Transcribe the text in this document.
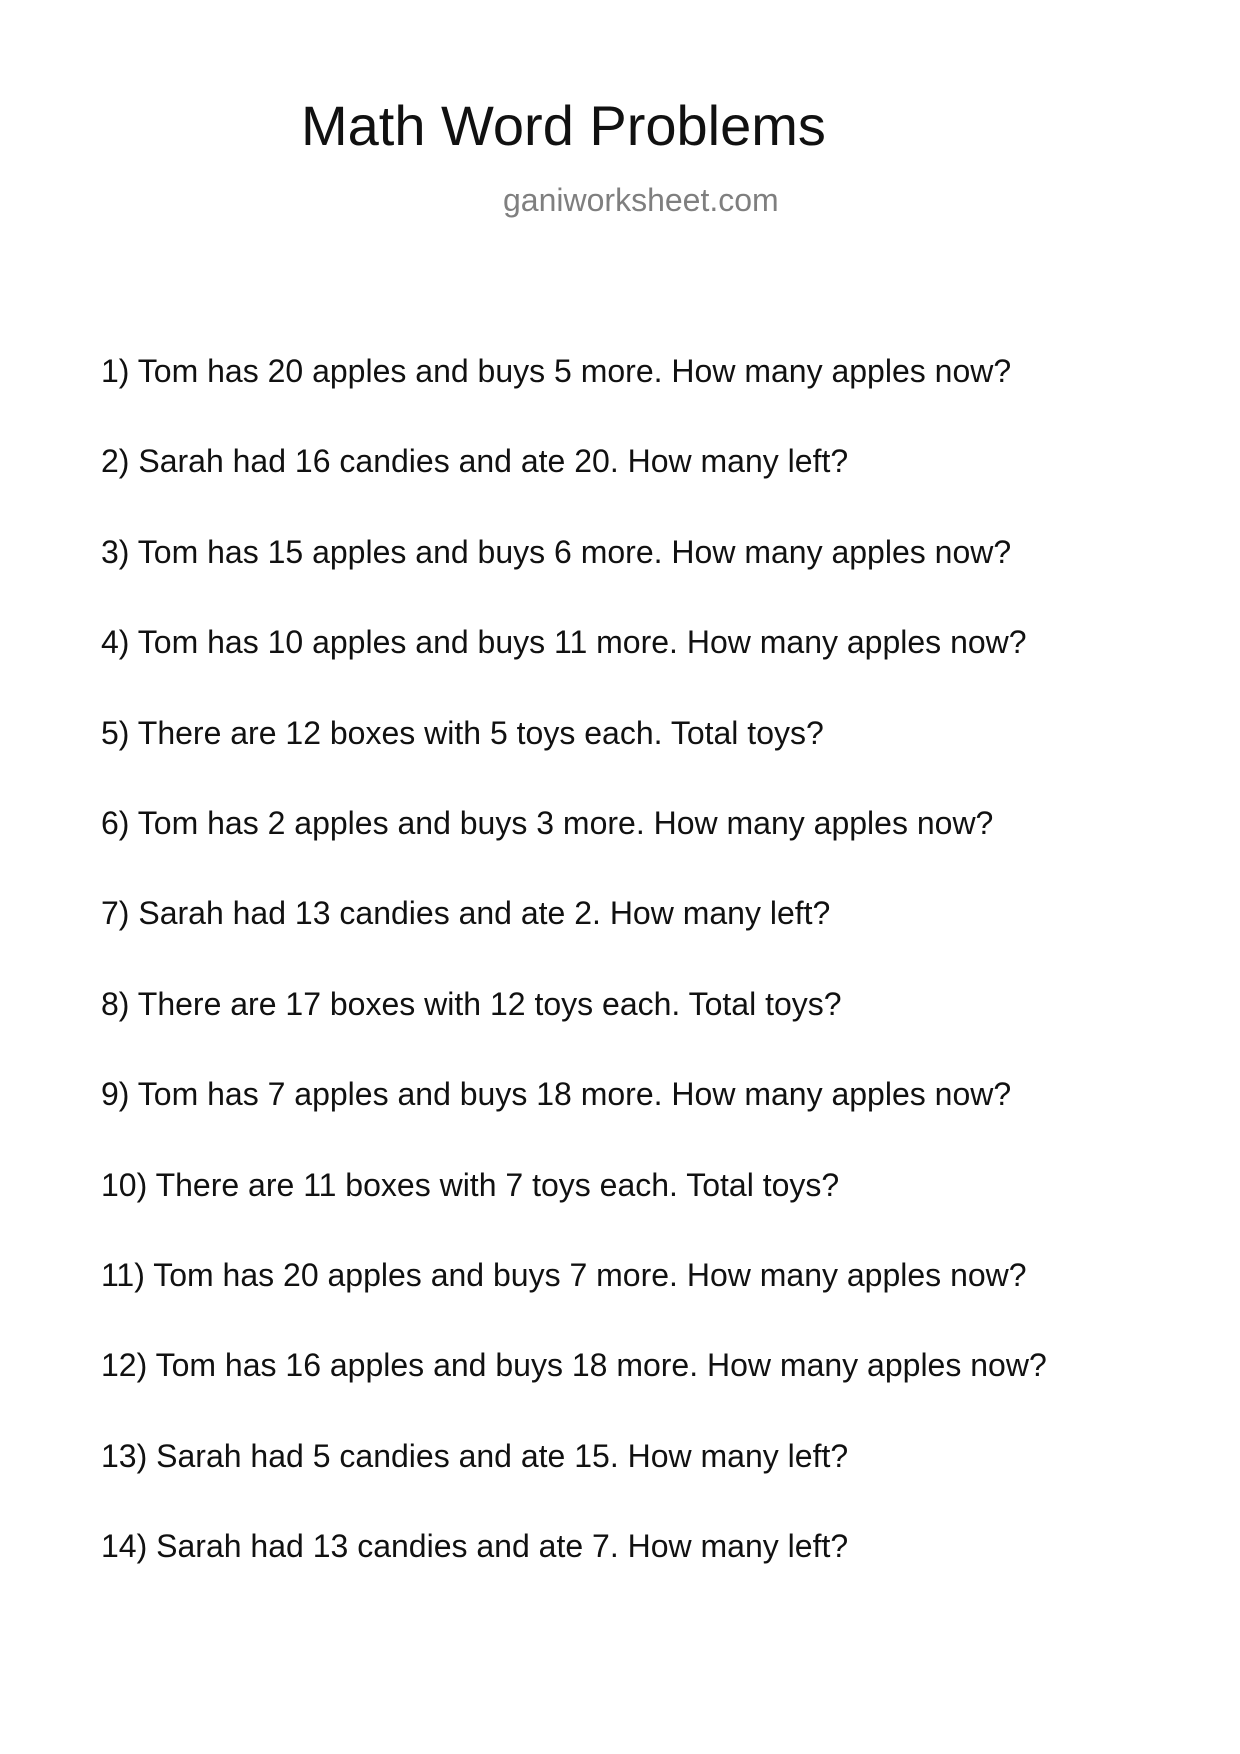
Math Word Problems
ganiworksheet.com
1) Tom has 20 apples and buys 5 more. How many apples now?
2) Sarah had 16 candies and ate 20. How many left?
3) Tom has 15 apples and buys 6 more. How many apples now?
4) Tom has 10 apples and buys 11 more. How many apples now?
5) There are 12 boxes with 5 toys each. Total toys?
6) Tom has 2 apples and buys 3 more. How many apples now?
7) Sarah had 13 candies and ate 2. How many left?
8) There are 17 boxes with 12 toys each. Total toys?
9) Tom has 7 apples and buys 18 more. How many apples now?
10) There are 11 boxes with 7 toys each. Total toys?
11) Tom has 20 apples and buys 7 more. How many apples now?
12) Tom has 16 apples and buys 18 more. How many apples now?
13) Sarah had 5 candies and ate 15. How many left?
14) Sarah had 13 candies and ate 7. How many left?
